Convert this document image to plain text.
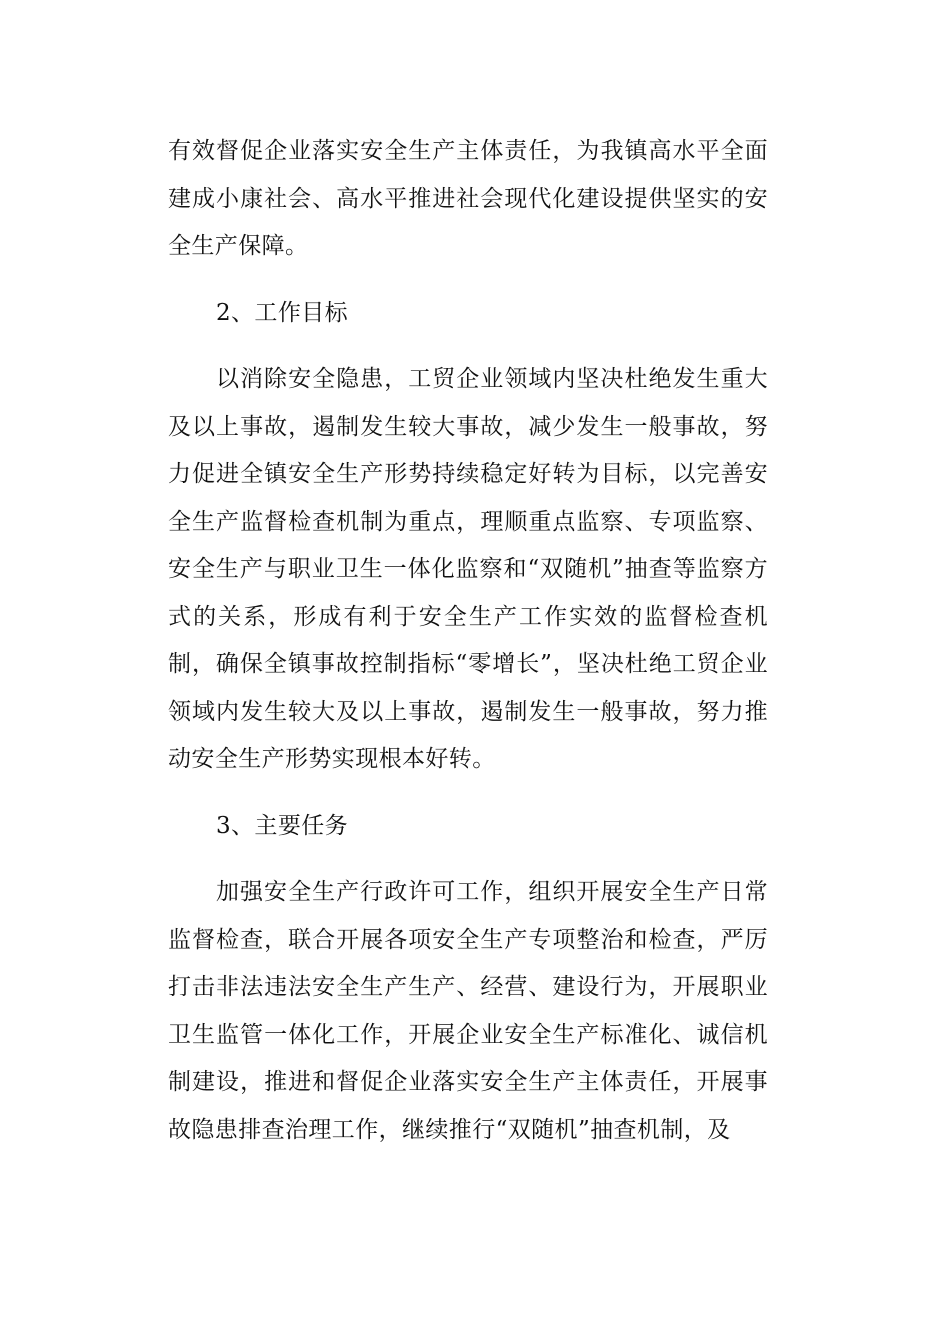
有效督促企业落实安全生产主体责任，为我镇高水平全面建成小康社会、高水平推进社会现代化建设提供坚实的安全生产保障。

2、工作目标

以消除安全隐患，工贸企业领域内坚决杜绝发生重大及以上事故，遏制发生较大事故，减少发生一般事故，努力促进全镇安全生产形势持续稳定好转为目标，以完善安全生产监督检查机制为重点，理顺重点监察、专项监察、安全生产与职业卫生一体化监察和“双随机”抽查等监察方式的关系，形成有利于安全生产工作实效的监督检查机制，确保全镇事故控制指标“零增长”，坚决杜绝工贸企业领域内发生较大及以上事故，遏制发生一般事故，努力推动安全生产形势实现根本好转。

3、主要任务

加强安全生产行政许可工作，组织开展安全生产日常监督检查，联合开展各项安全生产专项整治和检查，严厉打击非法违法安全生产生产、经营、建设行为，开展职业卫生监管一体化工作，开展企业安全生产标准化、诚信机制建设，推进和督促企业落实安全生产主体责任，开展事故隐患排查治理工作，继续推行“双随机”抽查机制，及
